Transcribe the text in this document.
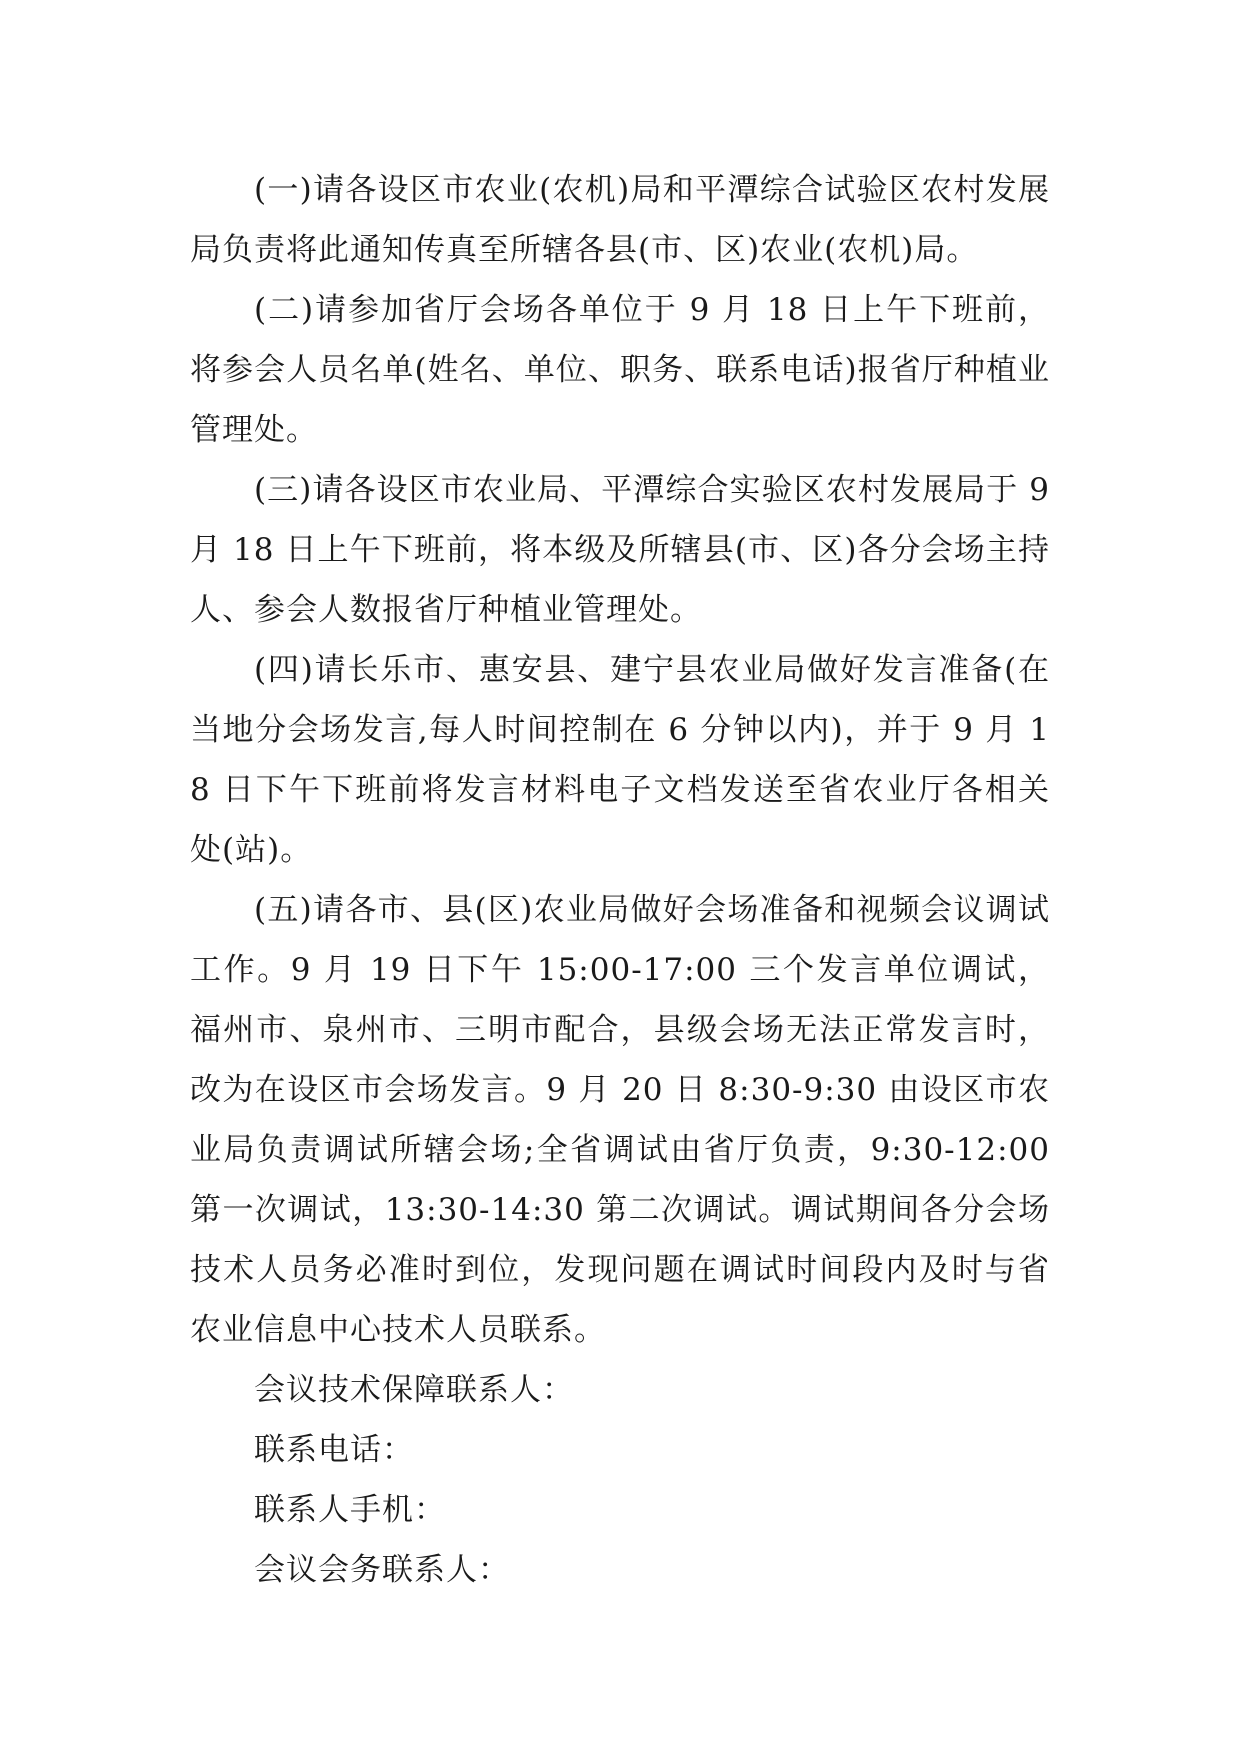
(一)请各设区市农业(农机)局和平潭综合试验区农村发展局负责将此通知传真至所辖各县(市、区)农业(农机)局。

(二)请参加省厅会场各单位于 9 月 18 日上午下班前，将参会人员名单(姓名、单位、职务、联系电话)报省厅种植业管理处。

(三)请各设区市农业局、平潭综合实验区农村发展局于 9 月 18 日上午下班前，将本级及所辖县(市、区)各分会场主持人、参会人数报省厅种植业管理处。

(四)请长乐市、惠安县、建宁县农业局做好发言准备(在当地分会场发言,每人时间控制在 6 分钟以内)，并于 9 月 18 日下午下班前将发言材料电子文档发送至省农业厅各相关处(站)。

(五)请各市、县(区)农业局做好会场准备和视频会议调试工作。9 月 19 日下午 15:00-17:00 三个发言单位调试，福州市、泉州市、三明市配合，县级会场无法正常发言时，改为在设区市会场发言。9 月 20 日 8:30-9:30 由设区市农业局负责调试所辖会场;全省调试由省厅负责，9:30-12:00 第一次调试，13:30-14:30 第二次调试。调试期间各分会场技术人员务必准时到位，发现问题在调试时间段内及时与省农业信息中心技术人员联系。

会议技术保障联系人：

联系电话：

联系人手机：

会议会务联系人：
